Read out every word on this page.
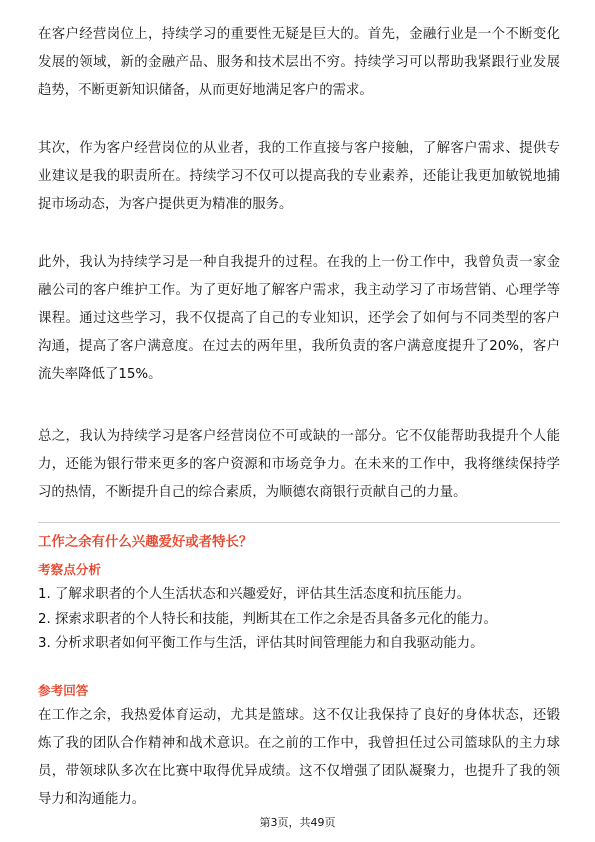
在客户经营岗位上，持续学习的重要性无疑是巨大的。首先，金融行业是一个不断变化发展的领域，新的金融产品、服务和技术层出不穷。持续学习可以帮助我紧跟行业发展趋势，不断更新知识储备，从而更好地满足客户的需求。

其次，作为客户经营岗位的从业者，我的工作直接与客户接触，了解客户需求、提供专业建议是我的职责所在。持续学习不仅可以提高我的专业素养，还能让我更加敏锐地捕捉市场动态，为客户提供更为精准的服务。

此外，我认为持续学习是一种自我提升的过程。在我的上一份工作中，我曾负责一家金融公司的客户维护工作。为了更好地了解客户需求，我主动学习了市场营销、心理学等课程。通过这些学习，我不仅提高了自己的专业知识，还学会了如何与不同类型的客户沟通，提高了客户满意度。在过去的两年里，我所负责的客户满意度提升了20%，客户流失率降低了15%。

总之，我认为持续学习是客户经营岗位不可或缺的一部分。它不仅能帮助我提升个人能力，还能为银行带来更多的客户资源和市场竞争力。在未来的工作中，我将继续保持学习的热情，不断提升自己的综合素质，为顺德农商银行贡献自己的力量。

工作之余有什么兴趣爱好或者特长？
考察点分析
1. 了解求职者的个人生活状态和兴趣爱好，评估其生活态度和抗压能力。
2. 探索求职者的个人特长和技能，判断其在工作之余是否具备多元化的能力。
3. 分析求职者如何平衡工作与生活，评估其时间管理能力和自我驱动能力。
参考回答

在工作之余，我热爱体育运动，尤其是篮球。这不仅让我保持了良好的身体状态，还锻炼了我的团队合作精神和战术意识。在之前的工作中，我曾担任过公司篮球队的主力球员，带领球队多次在比赛中取得优异成绩。这不仅增强了团队凝聚力，也提升了我的领导力和沟通能力。

第3页，共49页
